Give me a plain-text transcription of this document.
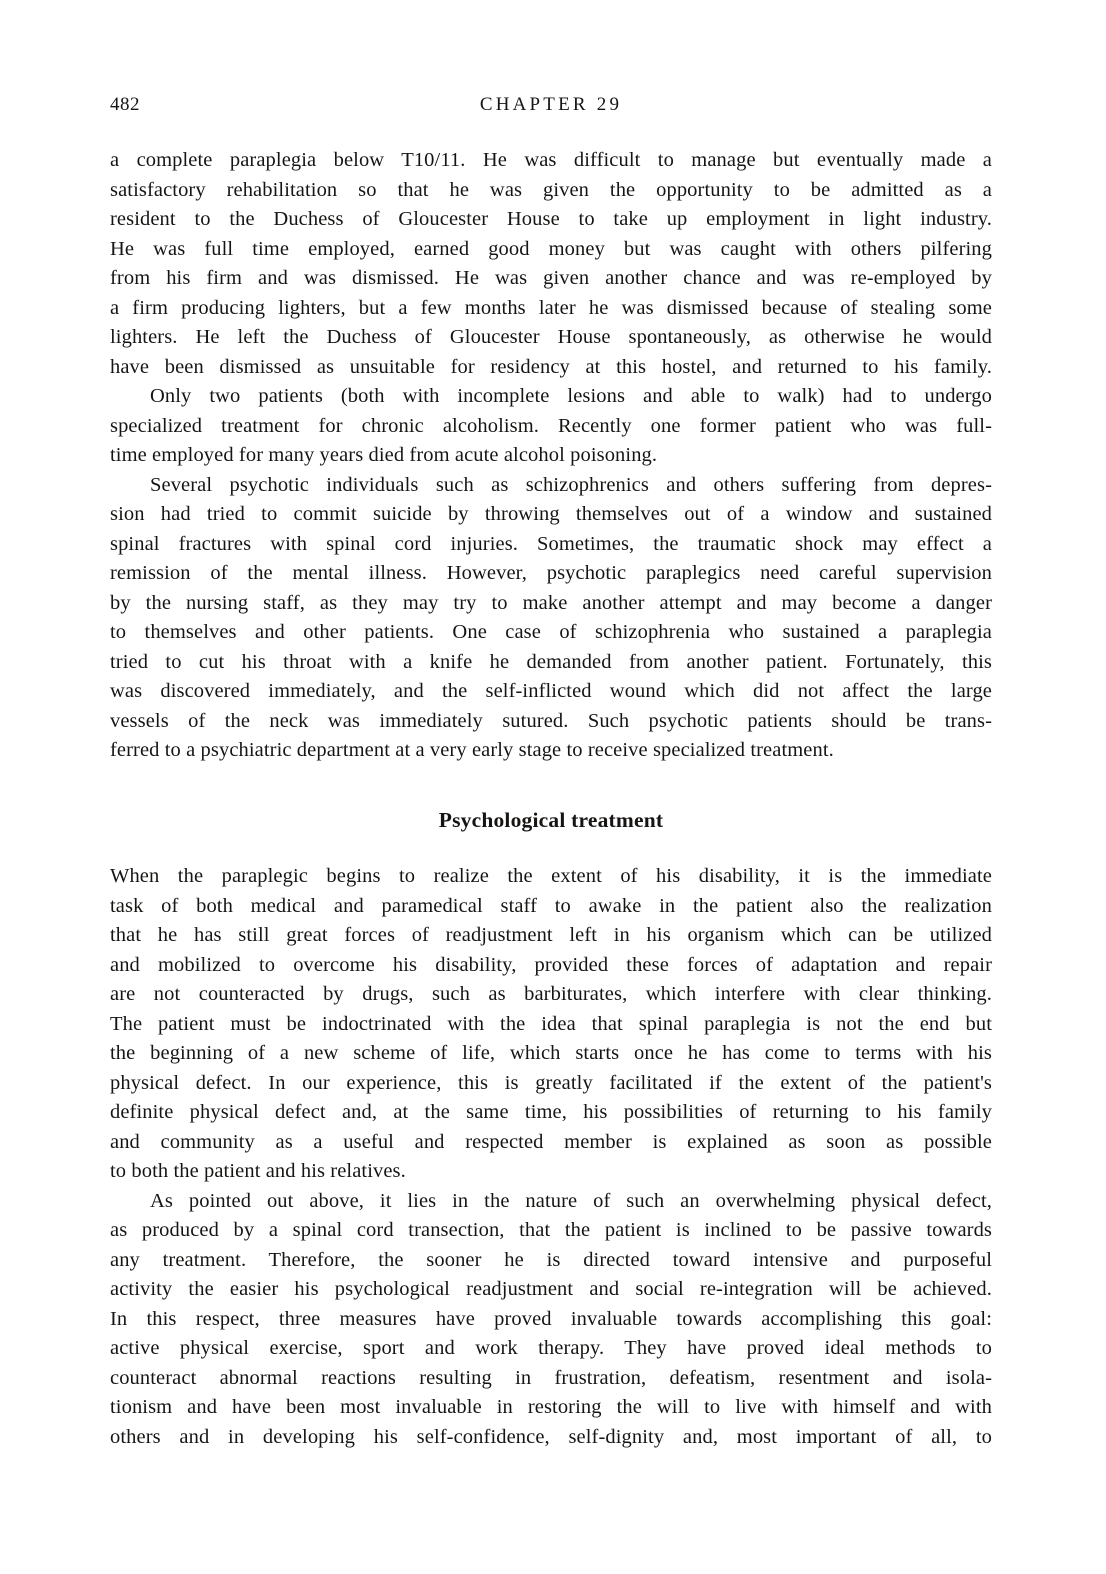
482	CHAPTER 29
a complete paraplegia below T10/11. He was difficult to manage but eventually made a
satisfactory rehabilitation so that he was given the opportunity to be admitted as a
resident to the Duchess of Gloucester House to take up employment in light industry.
He was full time employed, earned good money but was caught with others pilfering
from his firm and was dismissed. He was given another chance and was re-employed by
a firm producing lighters, but a few months later he was dismissed because of stealing some
lighters. He left the Duchess of Gloucester House spontaneously, as otherwise he would
have been dismissed as unsuitable for residency at this hostel, and returned to his family.
Only two patients (both with incomplete lesions and able to walk) had to undergo
specialized treatment for chronic alcoholism. Recently one former patient who was full-
time employed for many years died from acute alcohol poisoning.
Several psychotic individuals such as schizophrenics and others suffering from depres-
sion had tried to commit suicide by throwing themselves out of a window and sustained
spinal fractures with spinal cord injuries. Sometimes, the traumatic shock may effect a
remission of the mental illness. However, psychotic paraplegics need careful supervision
by the nursing staff, as they may try to make another attempt and may become a danger
to themselves and other patients. One case of schizophrenia who sustained a paraplegia
tried to cut his throat with a knife he demanded from another patient. Fortunately, this
was discovered immediately, and the self-inflicted wound which did not affect the large
vessels of the neck was immediately sutured. Such psychotic patients should be trans-
ferred to a psychiatric department at a very early stage to receive specialized treatment.
Psychological treatment
When the paraplegic begins to realize the extent of his disability, it is the immediate
task of both medical and paramedical staff to awake in the patient also the realization
that he has still great forces of readjustment left in his organism which can be utilized
and mobilized to overcome his disability, provided these forces of adaptation and repair
are not counteracted by drugs, such as barbiturates, which interfere with clear thinking.
The patient must be indoctrinated with the idea that spinal paraplegia is not the end but
the beginning of a new scheme of life, which starts once he has come to terms with his
physical defect. In our experience, this is greatly facilitated if the extent of the patient's
definite physical defect and, at the same time, his possibilities of returning to his family
and community as a useful and respected member is explained as soon as possible
to both the patient and his relatives.
As pointed out above, it lies in the nature of such an overwhelming physical defect,
as produced by a spinal cord transection, that the patient is inclined to be passive towards
any treatment. Therefore, the sooner he is directed toward intensive and purposeful
activity the easier his psychological readjustment and social re-integration will be achieved.
In this respect, three measures have proved invaluable towards accomplishing this goal:
active physical exercise, sport and work therapy. They have proved ideal methods to
counteract abnormal reactions resulting in frustration, defeatism, resentment and isola-
tionism and have been most invaluable in restoring the will to live with himself and with
others and in developing his self-confidence, self-dignity and, most important of all, to
